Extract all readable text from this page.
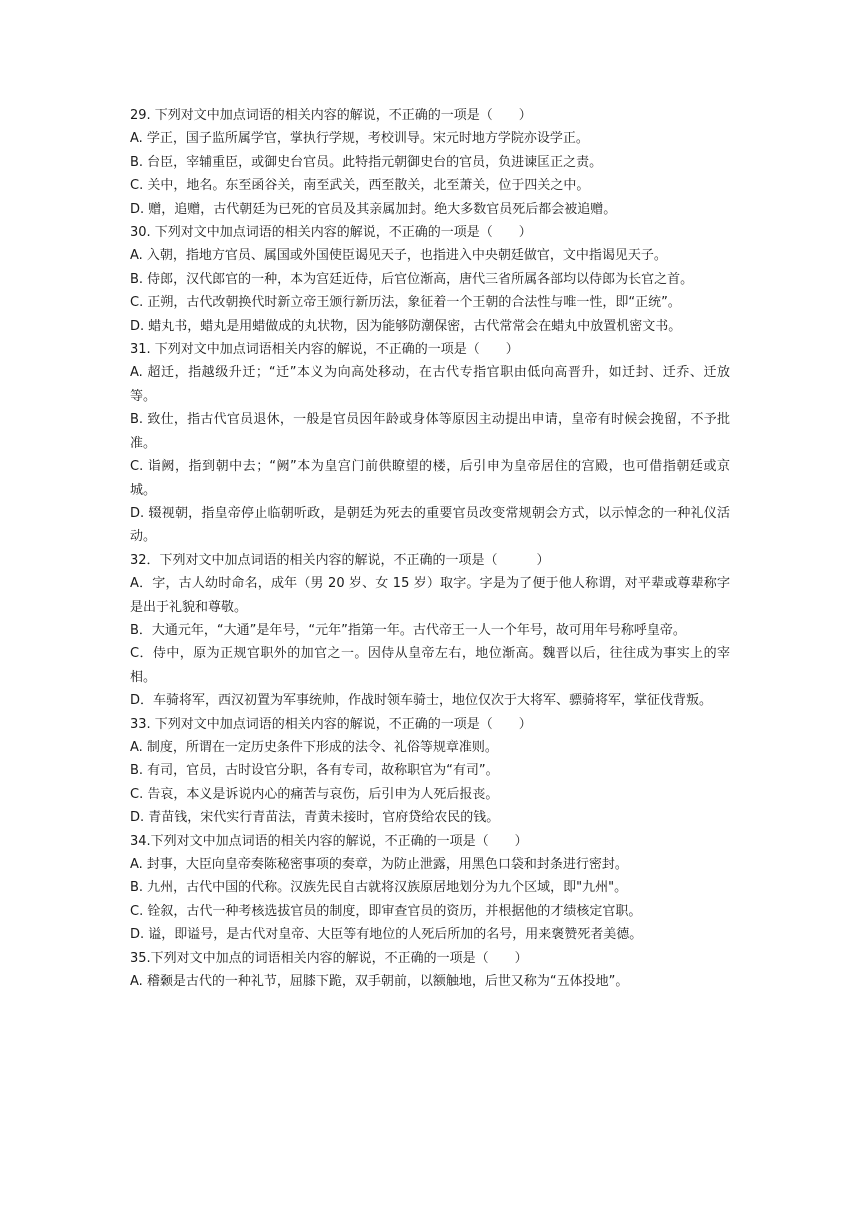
29. 下列对文中加点词语的相关内容的解说，不正确的一项是（　　）

A. 学正，国子监所属学官，掌执行学规，考校训导。宋元时地方学院亦设学正。

B. 台臣，宰辅重臣，或御史台官员。此特指元朝御史台的官员，负进谏匡正之责。

C. 关中，地名。东至函谷关，南至武关，西至散关，北至萧关，位于四关之中。

D. 赠，追赠，古代朝廷为已死的官员及其亲属加封。绝大多数官员死后都会被追赠。

30. 下列对文中加点词语的相关内容的解说，不正确的一项是（　　）

A. 入朝，指地方官员、属国或外国使臣谒见天子，也指进入中央朝廷做官，文中指谒见天子。

B. 侍郎，汉代郎官的一种，本为宫廷近侍，后官位渐高，唐代三省所属各部均以侍郎为长官之首。

C. 正朔，古代改朝换代时新立帝王颁行新历法，象征着一个王朝的合法性与唯一性，即“正统”。

D. 蜡丸书，蜡丸是用蜡做成的丸状物，因为能够防潮保密，古代常常会在蜡丸中放置机密文书。

31. 下列对文中加点词语相关内容的解说，不正确的一项是（　　）

A. 超迁，指越级升迁；“迁”本义为向高处移动，在古代专指官职由低向高晋升，如迁封、迁乔、迁放等。

B. 致仕，指古代官员退休，一般是官员因年龄或身体等原因主动提出申请，皇帝有时候会挽留，不予批准。

C. 诣阙，指到朝中去；“阙”本为皇宫门前供瞭望的楼，后引申为皇帝居住的宫殿，也可借指朝廷或京城。

D. 辍视朝，指皇帝停止临朝听政，是朝廷为死去的重要官员改变常规朝会方式，以示悼念的一种礼仪活动。

32．下列对文中加点词语的相关内容的解说，不正确的一项是（　　　）

A．字，古人幼时命名，成年（男 20 岁、女 15 岁）取字。字是为了便于他人称谓，对平辈或尊辈称字是出于礼貌和尊敬。

B．大通元年，“大通”是年号，“元年”指第一年。古代帝王一人一个年号，故可用年号称呼皇帝。

C．侍中，原为正规官职外的加官之一。因侍从皇帝左右，地位渐高。魏晋以后，往往成为事实上的宰相。

D．车骑将军，西汉初置为军事统帅，作战时领车骑士，地位仅次于大将军、骠骑将军，掌征伐背叛。

33. 下列对文中加点词语的相关内容的解说，不正确的一项是（　　）

A. 制度，所谓在一定历史条件下形成的法令、礼俗等规章准则。

B. 有司，官员，古时设官分职，各有专司，故称职官为“有司”。

C. 告哀，本义是诉说内心的痛苦与哀伤，后引申为人死后报丧。

D. 青苗钱，宋代实行青苗法，青黄未接时，官府贷给农民的钱。

34.下列对文中加点词语的相关内容的解说，不正确的一项是（　　）

A. 封事，大臣向皇帝奏陈秘密事项的奏章，为防止泄露，用黑色口袋和封条进行密封。

B. 九州，古代中国的代称。汉族先民自古就将汉族原居地划分为九个区域，即"九州"。

C. 铨叙，古代一种考核选拔官员的制度，即审查官员的资历，并根据他的才绩核定官职。

D. 谥，即谥号，是古代对皇帝、大臣等有地位的人死后所加的名号，用来褒赞死者美德。

35.下列对文中加点的词语相关内容的解说，不正确的一项是（　　）

A. 稽颡是古代的一种礼节，屈膝下跪，双手朝前，以额触地，后世又称为“五体投地”。
